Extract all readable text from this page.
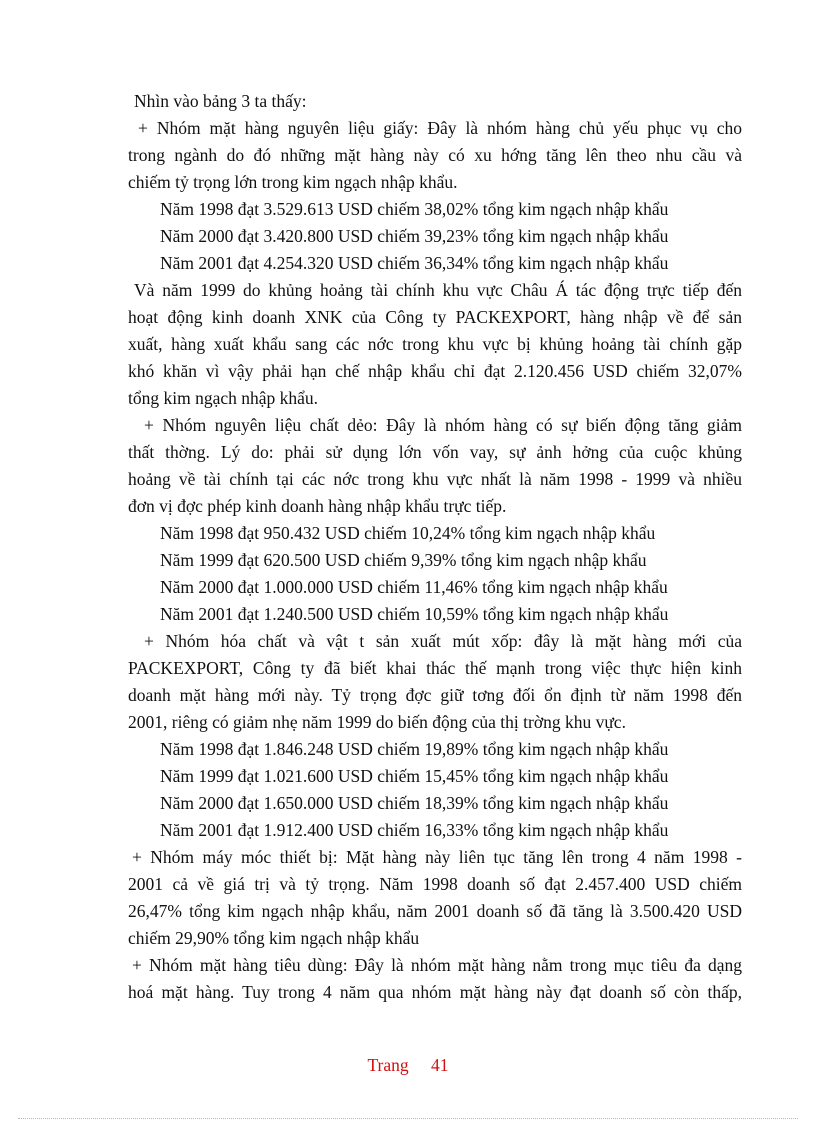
Nhìn vào bảng 3 ta thấy:
+ Nhóm mặt hàng nguyên liệu giấy: Đây là nhóm hàng chủ yếu phục vụ cho
trong ngành do đó những mặt hàng này có xu hớng tăng lên theo nhu cầu và
chiếm tỷ trọng lớn trong kim ngạch nhập khẩu.
Năm 1998 đạt 3.529.613 USD chiếm 38,02% tổng kim ngạch nhập khẩu
Năm 2000 đạt 3.420.800 USD chiếm 39,23% tổng kim ngạch nhập khẩu
Năm 2001 đạt 4.254.320 USD chiếm 36,34% tổng kim ngạch nhập khẩu
Và năm 1999 do khủng hoảng tài chính khu vực Châu Á tác động trực tiếp đến
hoạt động kinh doanh XNK của Công ty PACKEXPORT, hàng nhập về để sản
xuất, hàng xuất khẩu sang các nớc trong khu vực bị khủng hoảng tài chính gặp
khó khăn vì vậy phải hạn chế nhập khẩu chỉ đạt 2.120.456 USD chiếm 32,07%
tổng kim ngạch nhập khẩu.
+ Nhóm nguyên liệu chất dẻo: Đây là nhóm hàng có sự biến động tăng giảm
thất thờng. Lý do: phải sử dụng lớn vốn vay, sự ảnh hởng của cuộc khủng
hoảng về tài chính tại các nớc trong khu vực nhất là năm 1998 - 1999 và nhiều
đơn vị đợc phép kinh doanh hàng nhập khẩu trực tiếp.
Năm 1998 đạt 950.432 USD chiếm 10,24% tổng kim ngạch nhập khẩu
Năm 1999 đạt 620.500 USD chiếm 9,39% tổng kim ngạch nhập khẩu
Năm 2000 đạt 1.000.000 USD chiếm 11,46% tổng kim ngạch nhập khẩu
Năm 2001 đạt 1.240.500 USD chiếm 10,59% tổng kim ngạch nhập khẩu
+ Nhóm hóa chất và vật t sản xuất mút xốp: đây là mặt hàng mới của
PACKEXPORT, Công ty đã biết khai thác thế mạnh trong việc thực hiện kinh
doanh mặt hàng mới này. Tỷ trọng đợc giữ tơng đối ổn định từ năm 1998 đến
2001, riêng có giảm nhẹ năm 1999 do biến động của thị trờng khu vực.
Năm 1998 đạt 1.846.248 USD chiếm 19,89% tổng kim ngạch nhập khẩu
Năm 1999 đạt 1.021.600 USD chiếm 15,45% tổng kim ngạch nhập khẩu
Năm 2000 đạt 1.650.000 USD chiếm 18,39% tổng kim ngạch nhập khẩu
Năm 2001 đạt 1.912.400 USD chiếm 16,33% tổng kim ngạch nhập khẩu
+ Nhóm máy móc thiết bị: Mặt hàng này liên tục tăng lên trong 4 năm 1998 -
2001 cả về giá trị và tỷ trọng. Năm 1998 doanh số đạt 2.457.400 USD chiếm
26,47% tổng kim ngạch nhập khẩu, năm 2001 doanh số đã tăng là 3.500.420 USD
chiếm 29,90% tổng kim ngạch nhập khẩu
+ Nhóm mặt hàng tiêu dùng: Đây là nhóm mặt hàng nằm trong mục tiêu đa dạng
hoá mặt hàng. Tuy trong 4 năm qua nhóm mặt hàng này đạt doanh số còn thấp,
Trang 41
